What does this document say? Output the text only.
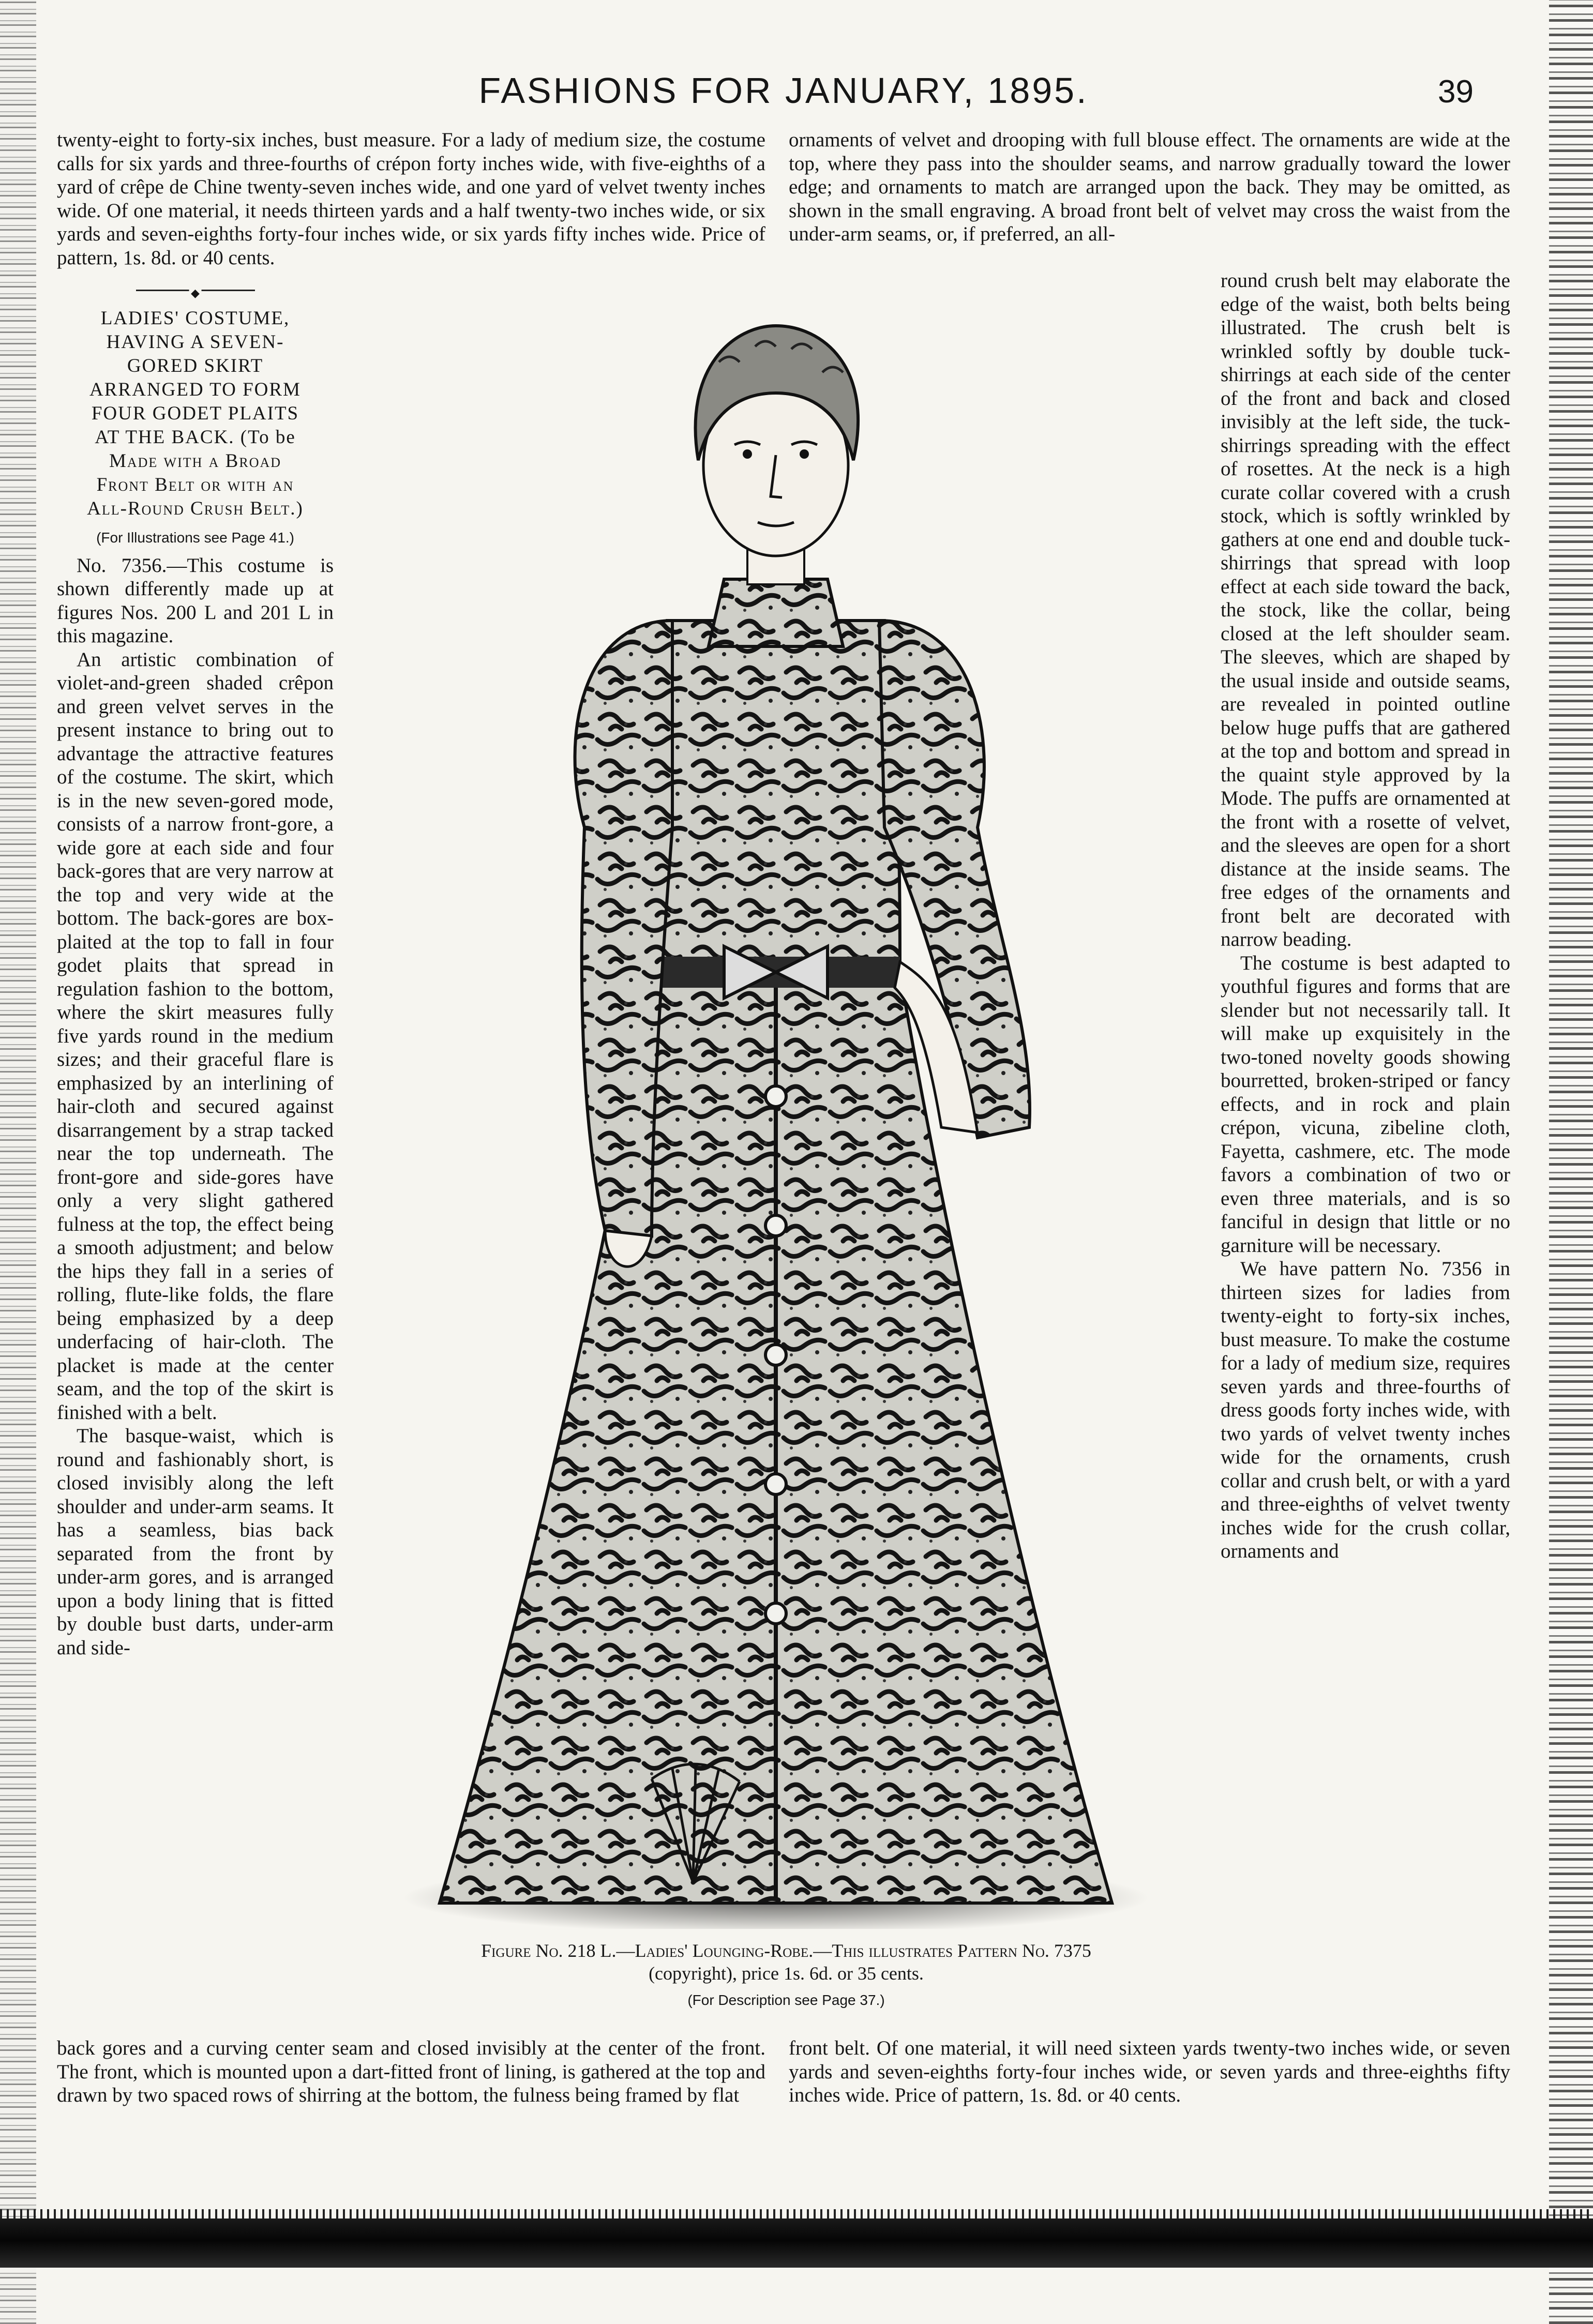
FASHIONS FOR JANUARY, 1895.	39

twenty-eight to forty-six inches, bust measure. For a lady of medium size, the costume calls for six yards and three-fourths of crépon forty inches wide, with five-eighths of a yard of crêpe de Chine twenty-seven inches wide, and one yard of velvet twenty inches wide. Of one material, it needs thirteen yards and a half twenty-two inches wide, or six yards and seven-eighths forty-four inches wide, or six yards fifty inches wide. Price of pattern, 1s. 8d. or 40 cents.

ornaments of velvet and drooping with full blouse effect. The ornaments are wide at the top, where they pass into the shoulder seams, and narrow gradually toward the lower edge; and ornaments to match are arranged upon the back. They may be omitted, as shown in the small engraving. A broad front belt of velvet may cross the waist from the under-arm seams, or, if preferred, an all-

◆
LADIES' COSTUME,
HAVING A SEVEN-
GORED SKIRT
ARRANGED TO FORM
FOUR GODET PLAITS
AT THE BACK. (To be
Made with a Broad
Front Belt or with an
All-Round Crush Belt.)
(For Illustrations see Page 41.)

No. 7356.—This costume is shown differently made up at figures Nos. 200 L and 201 L in this magazine.

An artistic combination of violet-and-green shaded crêpon and green velvet serves in the present instance to bring out to advantage the attractive features of the costume. The skirt, which is in the new seven-gored mode, consists of a narrow front-gore, a wide gore at each side and four back-gores that are very narrow at the top and very wide at the bottom. The back-gores are box-plaited at the top to fall in four godet plaits that spread in regulation fashion to the bottom, where the skirt measures fully five yards round in the medium sizes; and their graceful flare is emphasized by an interlining of hair-cloth and secured against disarrangement by a strap tacked near the top underneath. The front-gore and side-gores have only a very slight gathered fulness at the top, the effect being a smooth adjustment; and below the hips they fall in a series of rolling, flute-like folds, the flare being emphasized by a deep underfacing of hair-cloth. The placket is made at the center seam, and the top of the skirt is finished with a belt.

The basque-waist, which is round and fashionably short, is closed invisibly along the left shoulder and under-arm seams. It has a seamless, bias back separated from the front by under-arm gores, and is arranged upon a body lining that is fitted by double bust darts, under-arm and side-

round crush belt may elaborate the edge of the waist, both belts being illustrated. The crush belt is wrinkled softly by double tuck-shirrings at each side of the center of the front and back and closed invisibly at the left side, the tuck-shirrings spreading with the effect of rosettes. At the neck is a high curate collar covered with a crush stock, which is softly wrinkled by gathers at one end and double tuck-shirrings that spread with loop effect at each side toward the back, the stock, like the collar, being closed at the left shoulder seam. The sleeves, which are shaped by the usual inside and outside seams, are revealed in pointed outline below huge puffs that are gathered at the top and bottom and spread in the quaint style approved by la Mode. The puffs are ornamented at the front with a rosette of velvet, and the sleeves are open for a short distance at the inside seams. The free edges of the ornaments and front belt are decorated with narrow beading.

The costume is best adapted to youthful figures and forms that are slender but not necessarily tall. It will make up exquisitely in the two-toned novelty goods showing bourretted, broken-striped or fancy effects, and in rock and plain crépon, vicuna, zibeline cloth, Fayetta, cashmere, etc. The mode favors a combination of two or even three materials, and is so fanciful in design that little or no garniture will be necessary.

We have pattern No. 7356 in thirteen sizes for ladies from twenty-eight to forty-six inches, bust measure. To make the costume for a lady of medium size, requires seven yards and three-fourths of dress goods forty inches wide, with two yards of velvet twenty inches wide for the ornaments, crush collar and crush belt, or with a yard and three-eighths of velvet twenty inches wide for the crush collar, ornaments and

Figure No. 218 L.—Ladies' Lounging-Robe.—This illustrates Pattern No. 7375
(copyright), price 1s. 6d. or 35 cents.
(For Description see Page 37.)

back gores and a curving center seam and closed invisibly at the center of the front. The front, which is mounted upon a dart-fitted front of lining, is gathered at the top and drawn by two spaced rows of shirring at the bottom, the fulness being framed by flat

front belt. Of one material, it will need sixteen yards twenty-two inches wide, or seven yards and seven-eighths forty-four inches wide, or seven yards and three-eighths fifty inches wide. Price of pattern, 1s. 8d. or 40 cents.
